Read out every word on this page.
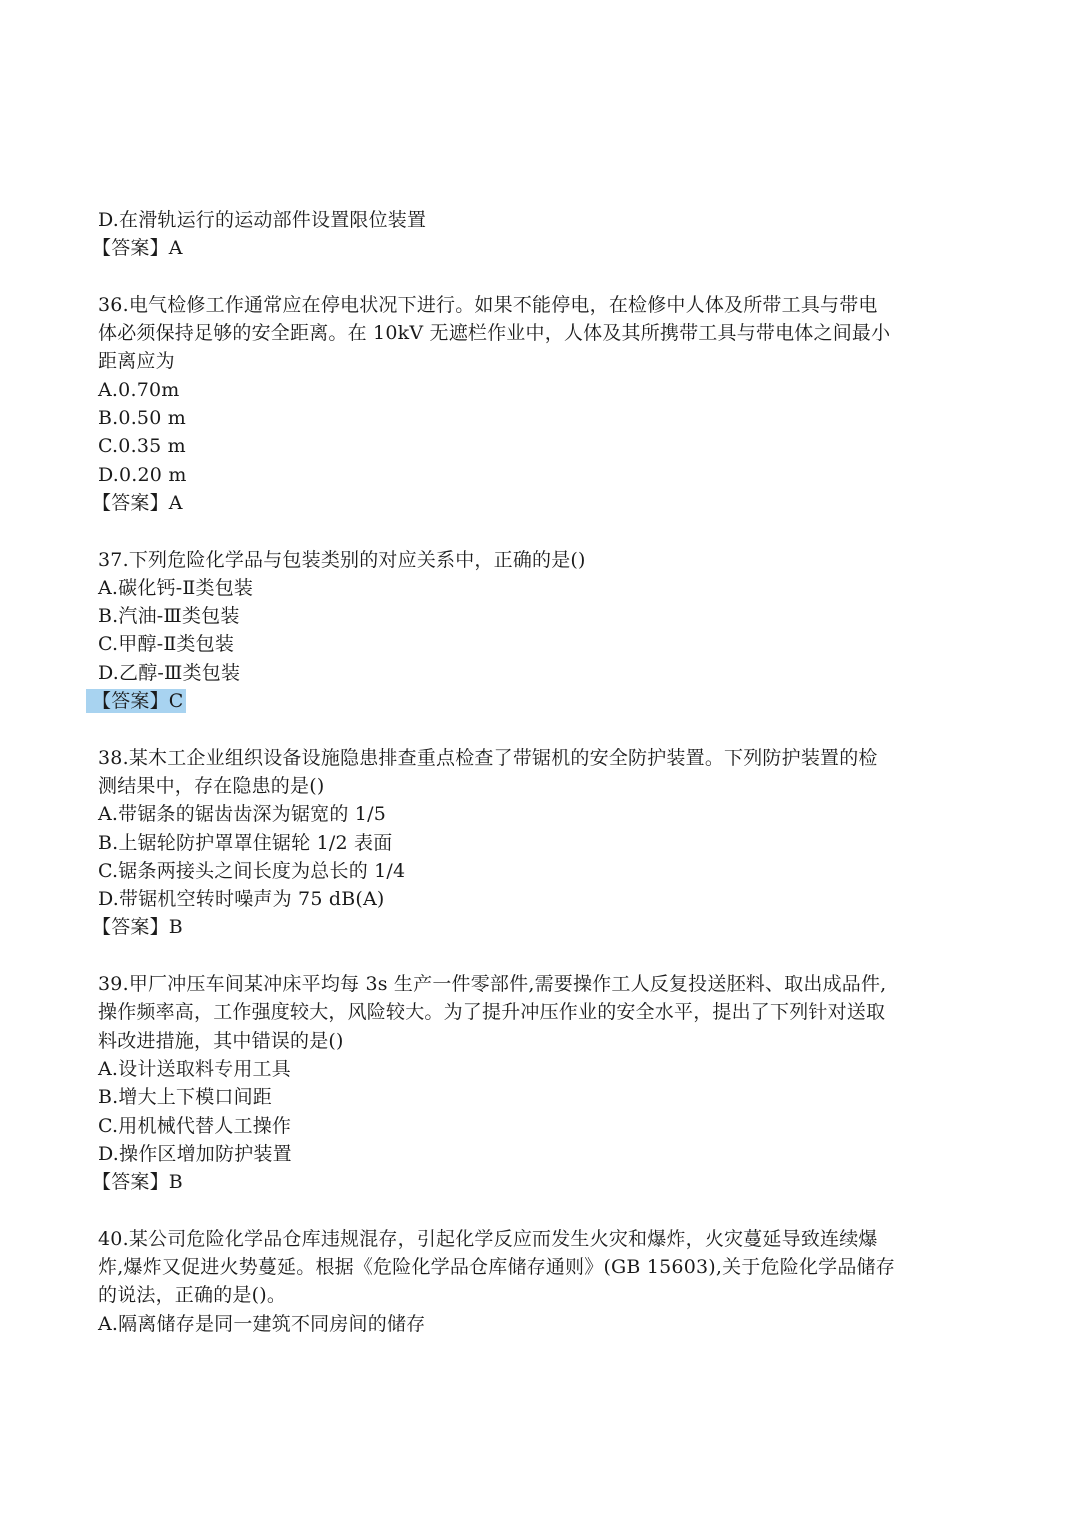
D.在滑轨运行的运动部件设置限位装置
【答案】A
36.电气检修工作通常应在停电状况下进行。如果不能停电，在检修中人体及所带工具与带电
体必须保持足够的安全距离。在 10kV 无遮栏作业中，人体及其所携带工具与带电体之间最小
距离应为
A.0.70m
B.0.50 m
C.0.35 m
D.0.20 m
【答案】A
37.下列危险化学品与包装类别的对应关系中，正确的是()
A.碳化钙-Ⅱ类包装
B.汽油-Ⅲ类包装
C.甲醇-Ⅱ类包装
D.乙醇-Ⅲ类包装
【答案】C
38.某木工企业组织设备设施隐患排查重点检查了带锯机的安全防护装置。下列防护装置的检
测结果中，存在隐患的是()
A.带锯条的锯齿齿深为锯宽的 1/5
B.上锯轮防护罩罩住锯轮 1/2 表面
C.锯条两接头之间长度为总长的 1/4
D.带锯机空转时噪声为 75 dB(A)
【答案】B
39.甲厂冲压车间某冲床平均每 3s 生产一件零部件,需要操作工人反复投送胚料、取出成品件,
操作频率高，工作强度较大，风险较大。为了提升冲压作业的安全水平，提出了下列针对送取
料改进措施，其中错误的是()
A.设计送取料专用工具
B.增大上下模口间距
C.用机械代替人工操作
D.操作区增加防护装置
【答案】B
40.某公司危险化学品仓库违规混存，引起化学反应而发生火灾和爆炸，火灾蔓延导致连续爆
炸,爆炸又促进火势蔓延。根据《危险化学品仓库储存通则》(GB 15603),关于危险化学品储存
的说法，正确的是()。
A.隔离储存是同一建筑不同房间的储存
